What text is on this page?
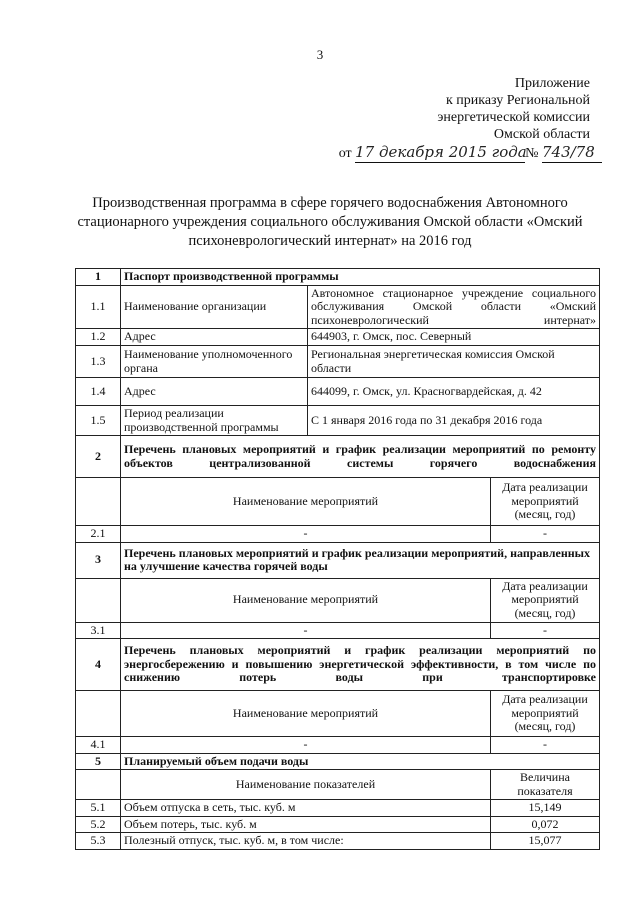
3
Приложение
к приказу Региональной
энергетической комиссии
Омской области
от 17 декабря 2015 года№ 743/78
Производственная программа в сфере горячего водоснабжения Автономного стационарного учреждения социального обслуживания Омской области «Омский психоневрологический интернат» на 2016 год
1	Паспорт производственной программы		
1.1	Наименование организации	Автономное стационарное учреждение социального обслуживания Омской области «Омский психоневрологический интернат»	
1.2	Адрес	644903, г. Омск, пос. Северный	
1.3	Наименование уполномоченного органа	Региональная энергетическая комиссия Омской области	
1.4	Адрес	644099, г. Омск, ул. Красногвардейская, д. 42	
1.5	Период реализации производственной программы	С 1 января 2016 года по 31 декабря 2016 года	
2	Перечень плановых мероприятий и график реализации мероприятий по ремонту объектов централизованной системы горячего водоснабжения		
	Наименование мероприятий		Дата реализации мероприятий (месяц, год)
2.1	-		-
3	Перечень плановых мероприятий и график реализации мероприятий, направленных на улучшение качества горячей воды		
	Наименование мероприятий		Дата реализации мероприятий (месяц, год)
3.1	-		-
4	Перечень плановых мероприятий и график реализации мероприятий по энергосбережению и повышению энергетической эффективности, в том числе по снижению потерь воды при транспортировке		
	Наименование мероприятий		Дата реализации мероприятий (месяц, год)
4.1	-		-
5	Планируемый объем подачи воды		
	Наименование показателей		Величина показателя
5.1	Объем отпуска в сеть, тыс. куб. м		15,149
5.2	Объем потерь, тыс. куб. м		0,072
5.3	Полезный отпуск, тыс. куб. м, в том числе:		15,077
